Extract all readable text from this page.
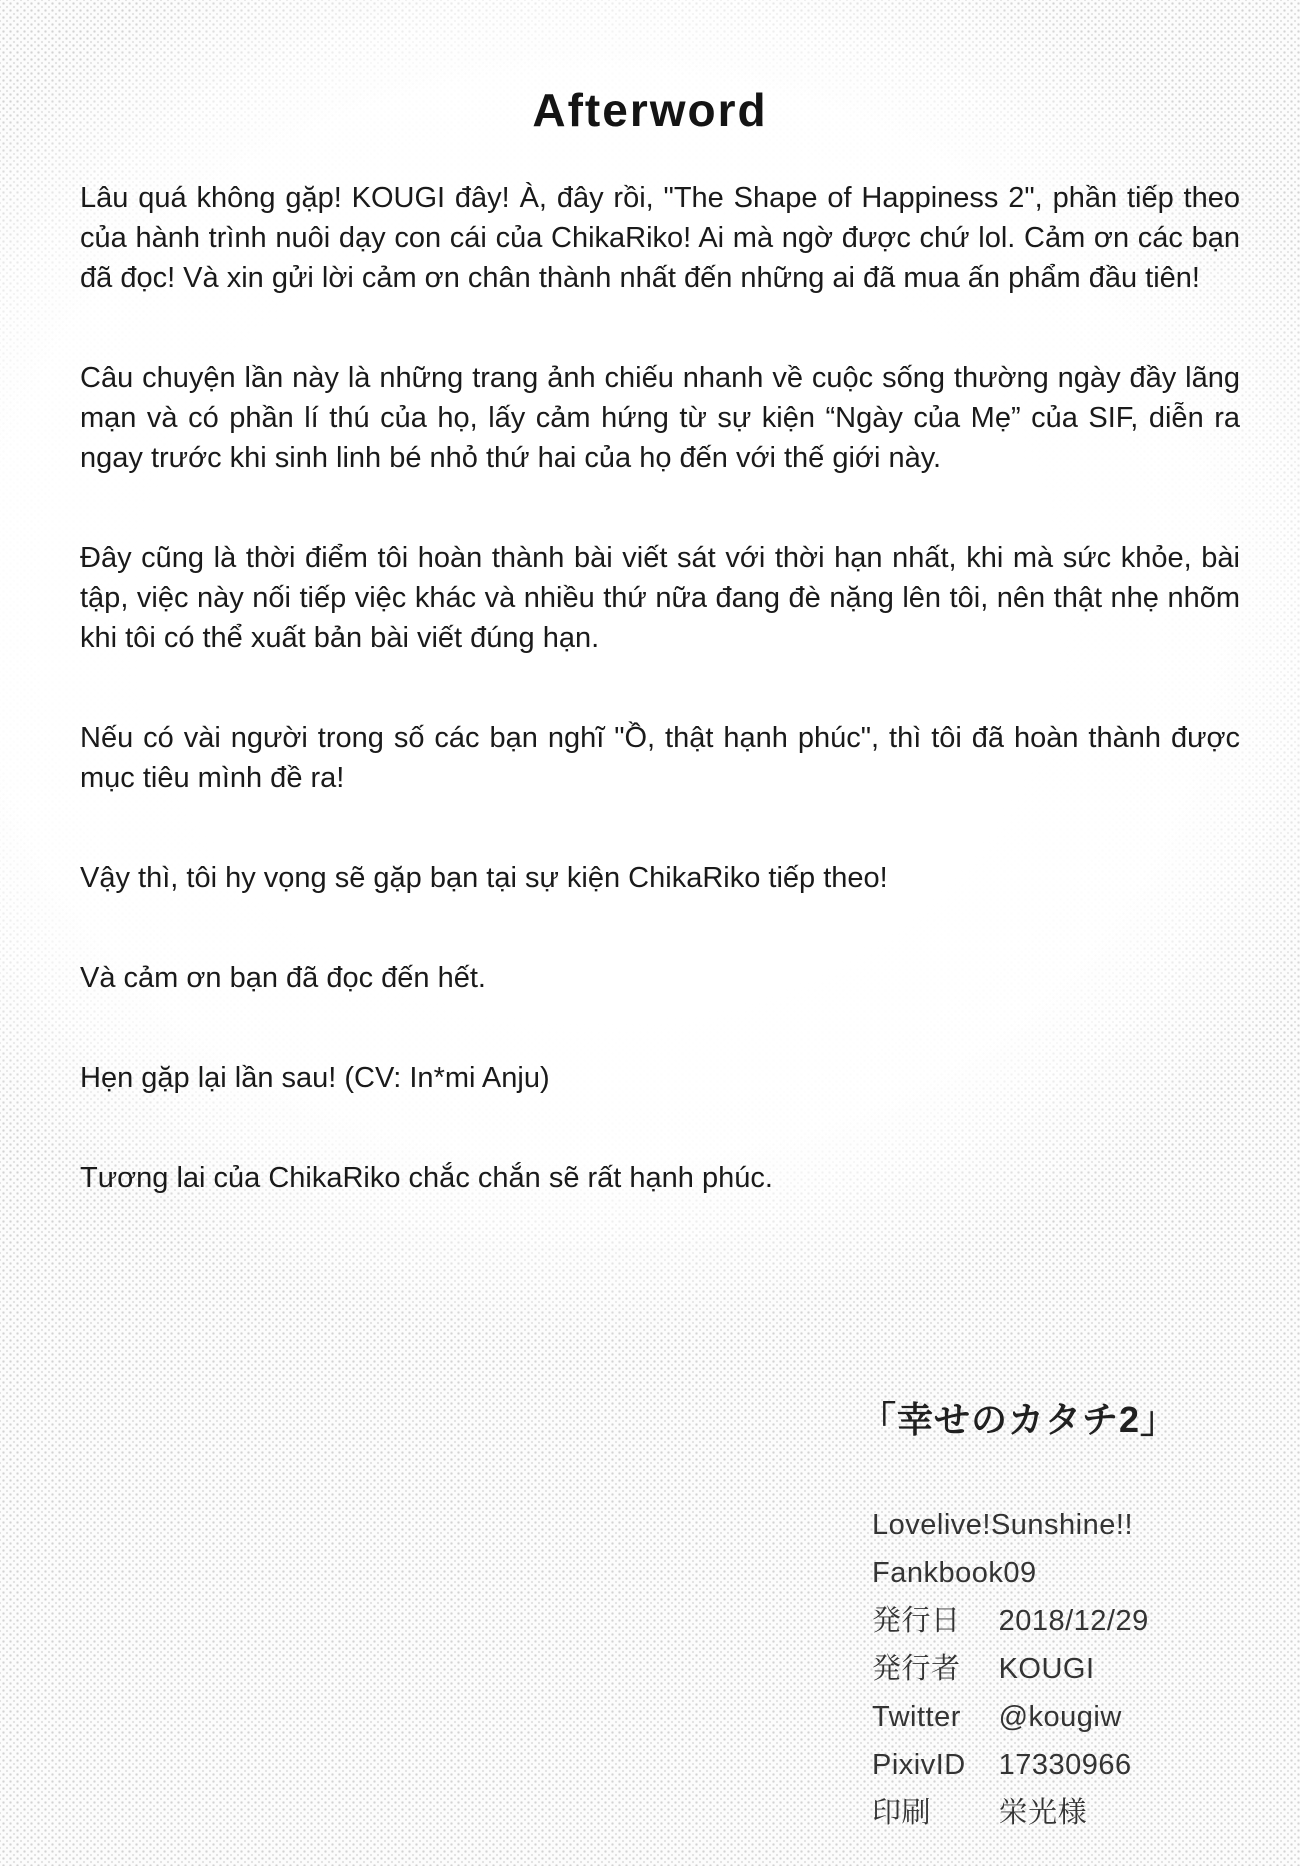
Afterword

Lâu quá không gặp! KOUGI đây! À, đây rồi, "The Shape of Happiness 2", phần tiếp theo của hành trình nuôi dạy con cái của ChikaRiko! Ai mà ngờ được chứ lol. Cảm ơn các bạn đã đọc! Và xin gửi lời cảm ơn chân thành nhất đến những ai đã mua ấn phẩm đầu tiên!

Câu chuyện lần này là những trang ảnh chiếu nhanh về cuộc sống thường ngày đầy lãng mạn và có phần lí thú của họ, lấy cảm hứng từ sự kiện “Ngày của Mẹ” của SIF, diễn ra ngay trước khi sinh linh bé nhỏ thứ hai của họ đến với thế giới này.

Đây cũng là thời điểm tôi hoàn thành bài viết sát với thời hạn nhất, khi mà sức khỏe, bài tập, việc này nối tiếp việc khác và nhiều thứ nữa đang đè nặng lên tôi, nên thật nhẹ nhõm khi tôi có thể xuất bản bài viết đúng hạn.

Nếu có vài người trong số các bạn nghĩ "Ồ, thật hạnh phúc", thì tôi đã hoàn thành được mục tiêu mình đề ra!

Vậy thì, tôi hy vọng sẽ gặp bạn tại sự kiện ChikaRiko tiếp theo!

Và cảm ơn bạn đã đọc đến hết.

Hẹn gặp lại lần sau! (CV: In*mi Anju)

Tương lai của ChikaRiko chắc chắn sẽ rất hạnh phúc.

「幸せのカタチ2」
Lovelive!Sunshine!!
Fankbook09
発行日 2018/12/29
発行者 KOUGI
Twitter @kougiw
PixivID 17330966
印刷 栄光様
